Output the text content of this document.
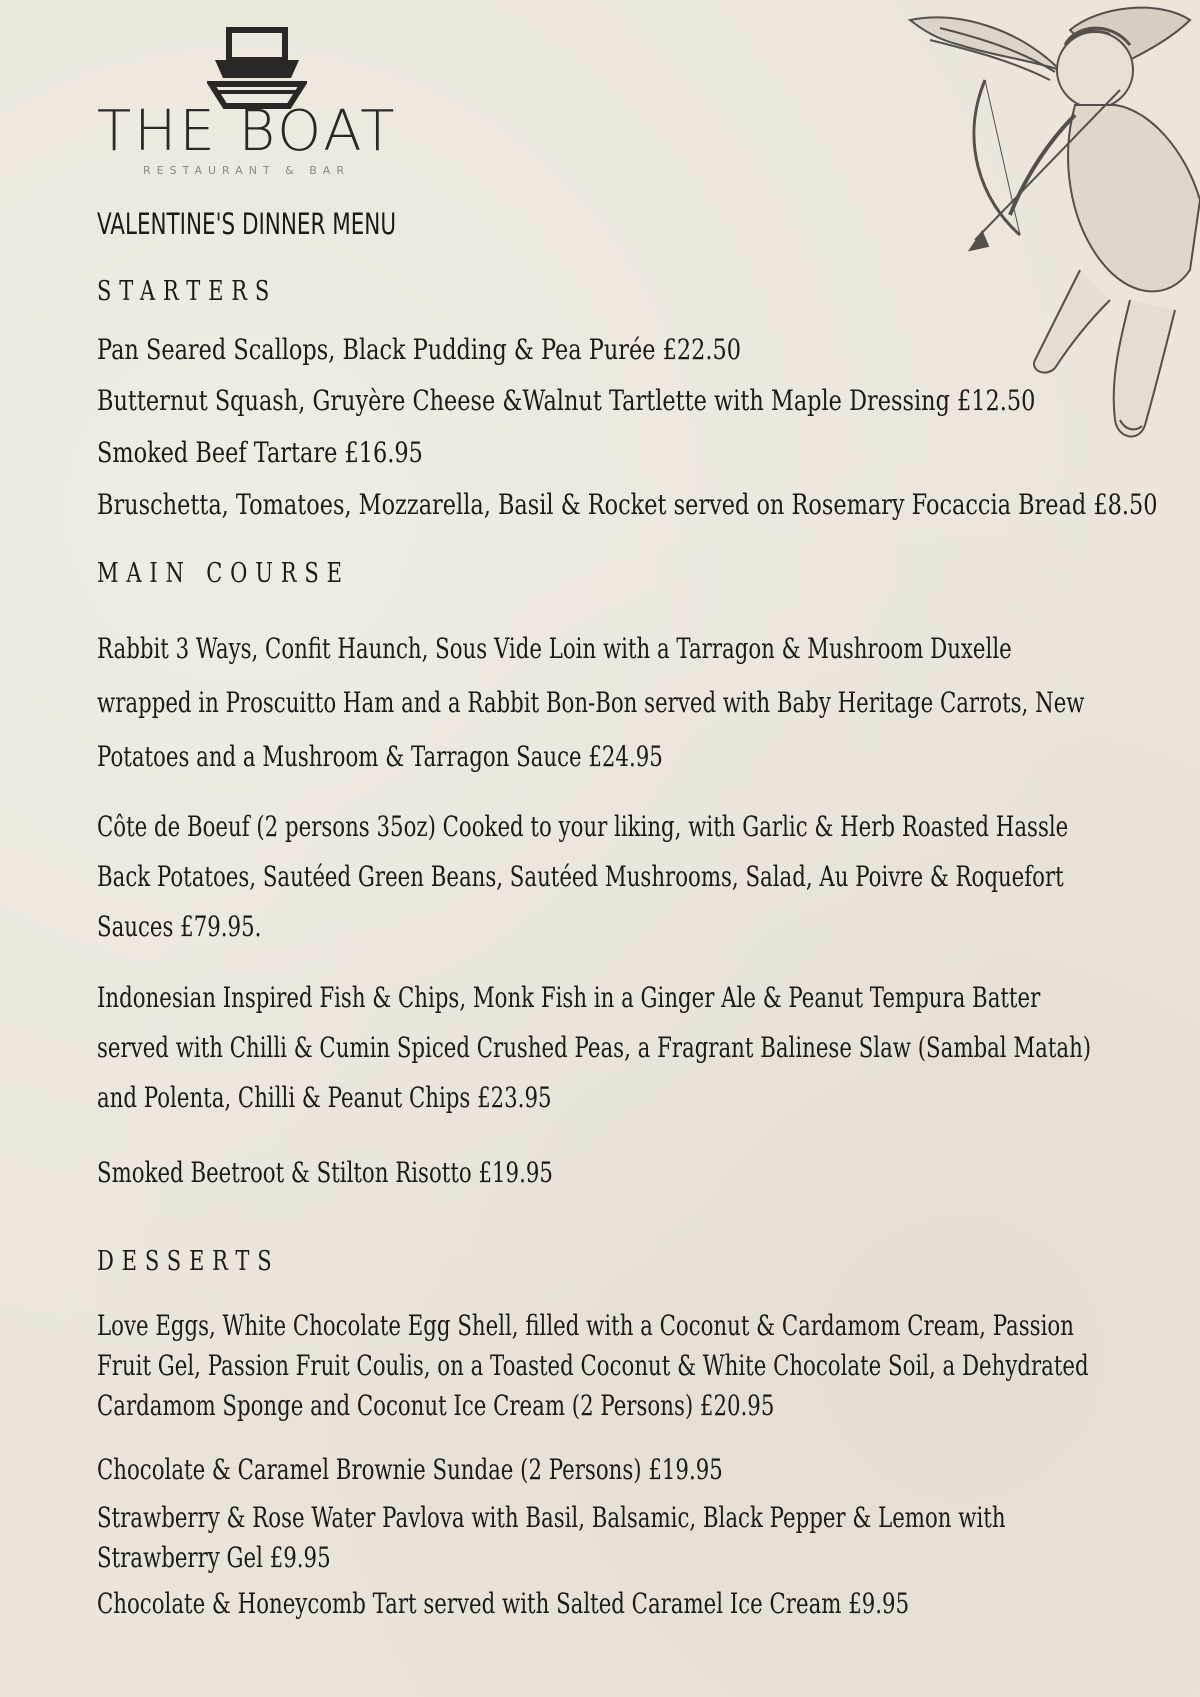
THE BOAT
RESTAURANT & BAR
VALENTINE'S DINNER MENU
STARTERS
Pan Seared Scallops, Black Pudding & Pea Purée £22.50
Butternut Squash, Gruyère Cheese &Walnut Tartlette with Maple Dressing £12.50
Smoked Beef Tartare £16.95
Bruschetta, Tomatoes, Mozzarella, Basil & Rocket served on Rosemary Focaccia Bread £8.50
MAIN COURSE
Rabbit 3 Ways, Confit Haunch, Sous Vide Loin with a Tarragon & Mushroom Duxelle
wrapped in Proscuitto Ham and a Rabbit Bon-Bon served with Baby Heritage Carrots, New
Potatoes and a Mushroom & Tarragon Sauce £24.95
Côte de Boeuf (2 persons 35oz) Cooked to your liking, with Garlic & Herb Roasted Hassle
Back Potatoes, Sautéed Green Beans, Sautéed Mushrooms, Salad, Au Poivre & Roquefort
Sauces £79.95.
Indonesian Inspired Fish & Chips, Monk Fish in a Ginger Ale & Peanut Tempura Batter
served with Chilli & Cumin Spiced Crushed Peas, a Fragrant Balinese Slaw (Sambal Matah)
and Polenta, Chilli & Peanut Chips £23.95
Smoked Beetroot & Stilton Risotto £19.95
DESSERTS
Love Eggs, White Chocolate Egg Shell, filled with a Coconut & Cardamom Cream, Passion
Fruit Gel, Passion Fruit Coulis, on a Toasted Coconut & White Chocolate Soil, a Dehydrated
Cardamom Sponge and Coconut Ice Cream (2 Persons) £20.95
Chocolate & Caramel Brownie Sundae (2 Persons) £19.95
Strawberry & Rose Water Pavlova with Basil, Balsamic, Black Pepper & Lemon with
Strawberry Gel £9.95
Chocolate & Honeycomb Tart served with Salted Caramel Ice Cream £9.95
